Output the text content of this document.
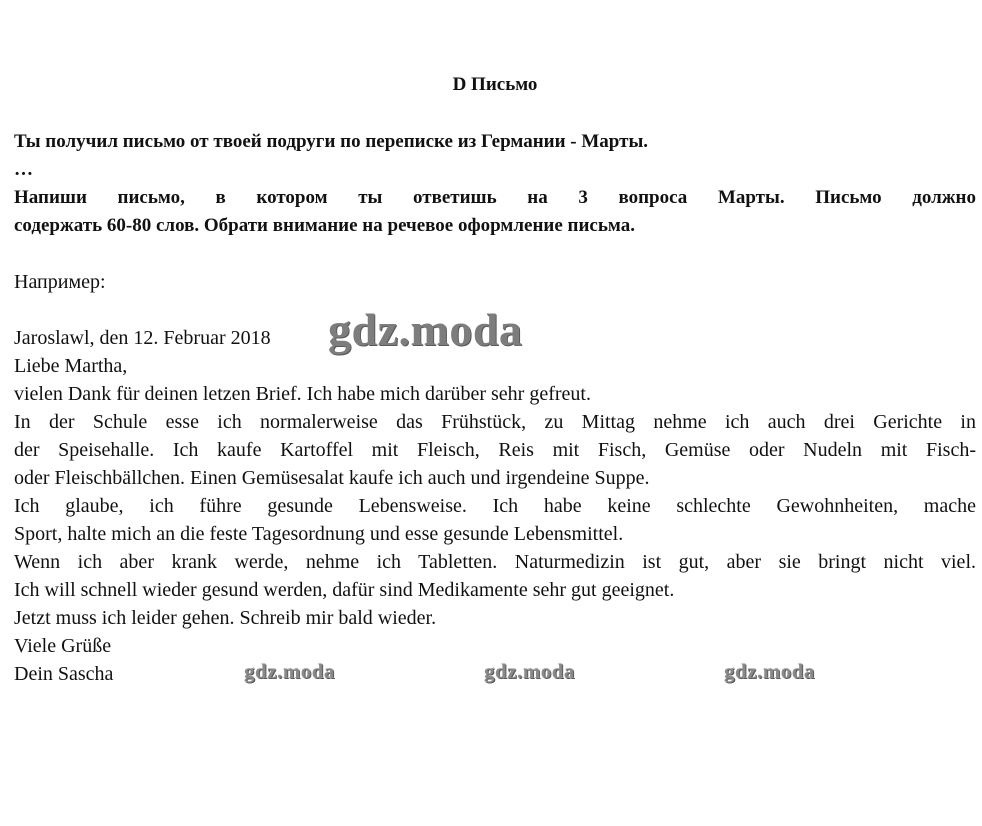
D Письмо

Ты получил письмо от твоей подруги по переписке из Германии - Марты.

…

Напиши письмо, в котором ты ответишь на 3 вопроса Марты. Письмо должно

содержать 60-80 слов. Обрати внимание на речевое оформление письма.

Например:

Jaroslawl, den 12. Februar 2018

Liebe Martha,

vielen Dank für deinen letzen Brief. Ich habe mich darüber sehr gefreut.

In der Schule esse ich normalerweise das Frühstück, zu Mittag nehme ich auch drei Gerichte in

der Speisehalle. Ich kaufe Kartoffel mit Fleisch, Reis mit Fisch, Gemüse oder Nudeln mit Fisch-

oder Fleischbällchen. Einen Gemüsesalat kaufe ich auch und irgendeine Suppe.

Ich glaube, ich führe gesunde Lebensweise. Ich habe keine schlechte Gewohnheiten, mache

Sport, halte mich an die feste Tagesordnung und esse gesunde Lebensmittel.

Wenn ich aber krank werde, nehme ich Tabletten. Naturmedizin ist gut, aber sie bringt nicht viel.

Ich will schnell wieder gesund werden, dafür sind Medikamente sehr gut geeignet.

Jetzt muss ich leider gehen. Schreib mir bald wieder.

Viele Grüße

Dein Sascha

gdz.moda
gdz.moda	gdz.moda	gdz.moda
